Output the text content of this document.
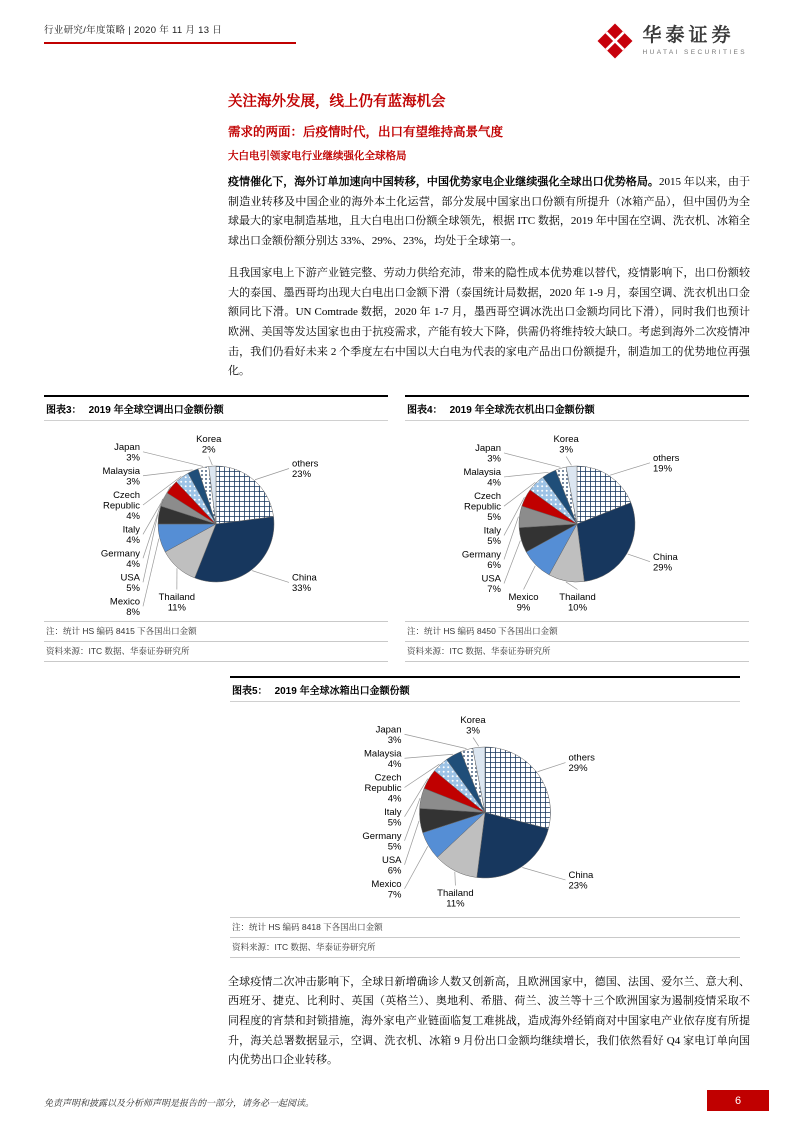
行业研究/年度策略 | 2020 年 11 月 13 日	华泰证券
HUATAI SECURITIES
关注海外发展，线上仍有蓝海机会
需求的两面：后疫情时代，出口有望维持高景气度
大白电引领家电行业继续强化全球格局

疫情催化下，海外订单加速向中国转移，中国优势家电企业继续强化全球出口优势格局。2015 年以来，由于制造业转移及中国企业的海外本土化运营，部分发展中国家出口份额有所提升（冰箱产品），但中国仍为全球最大的家电制造基地，且大白电出口份额全球领先，根据 ITC 数据，2019 年中国在空调、洗衣机、冰箱全球出口金额份额分别达 33%、29%、23%，均处于全球第一。

且我国家电上下游产业链完整、劳动力供给充沛，带来的隐性成本优势难以替代，疫情影响下，出口份额较大的泰国、墨西哥均出现大白电出口金额下滑（泰国统计局数据，2020 年 1-9 月，泰国空调、洗衣机出口金额同比下滑。UN Comtrade 数据，2020 年 1-7 月，墨西哥空调冰洗出口金额均同比下滑），同时我们也预计欧洲、美国等发达国家也由于抗疫需求，产能有较大下降，供需仍将维持较大缺口。考虑到海外二次疫情冲击，我们仍看好未来 2 个季度左右中国以大白电为代表的家电产品出口份额提升，制造加工的优势地位再强化。

图表3： 2019 年全球空调出口金额份额
others 23%
China 33%
Thailand 11%
Mexico 8%
USA 5%
Germany 4%
Italy 4%
Czech Republic 4%
Malaysia 3%
Japan 3%
Korea 2%
注：统计 HS 编码 8415 下各国出口金额
资料来源：ITC 数据、华泰证券研究所
图表4： 2019 年全球洗衣机出口金额份额
others 19%
China 29%
Thailand 10%
Mexico 9%
USA 7%
Germany 6%
Italy 5%
Czech Republic 5%
Malaysia 4%
Japan 3%
Korea 3%
注：统计 HS 编码 8450 下各国出口金额
资料来源：ITC 数据、华泰证券研究所
图表5： 2019 年全球冰箱出口金额份额
others 29%
China 23%
Thailand 11%
Mexico 7%
USA 6%
Germany 5%
Italy 5%
Czech Republic 4%
Malaysia 4%
Japan 3%
Korea 3%
注：统计 HS 编码 8418 下各国出口金额
资料来源：ITC 数据、华泰证券研究所

全球疫情二次冲击影响下，全球日新增确诊人数又创新高，且欧洲国家中，德国、法国、爱尔兰、意大利、西班牙、捷克、比利时、英国（英格兰）、奥地利、希腊、荷兰、波兰等十三个欧洲国家为遏制疫情采取不同程度的宵禁和封锁措施，海外家电产业链面临复工难挑战，造成海外经销商对中国家电产业依存度有所提升，海关总署数据显示，空调、洗衣机、冰箱 9 月份出口金额均继续增长，我们依然看好 Q4 家电订单向国内优势出口企业转移。

免责声明和披露以及分析师声明是报告的一部分，请务必一起阅读。	6
